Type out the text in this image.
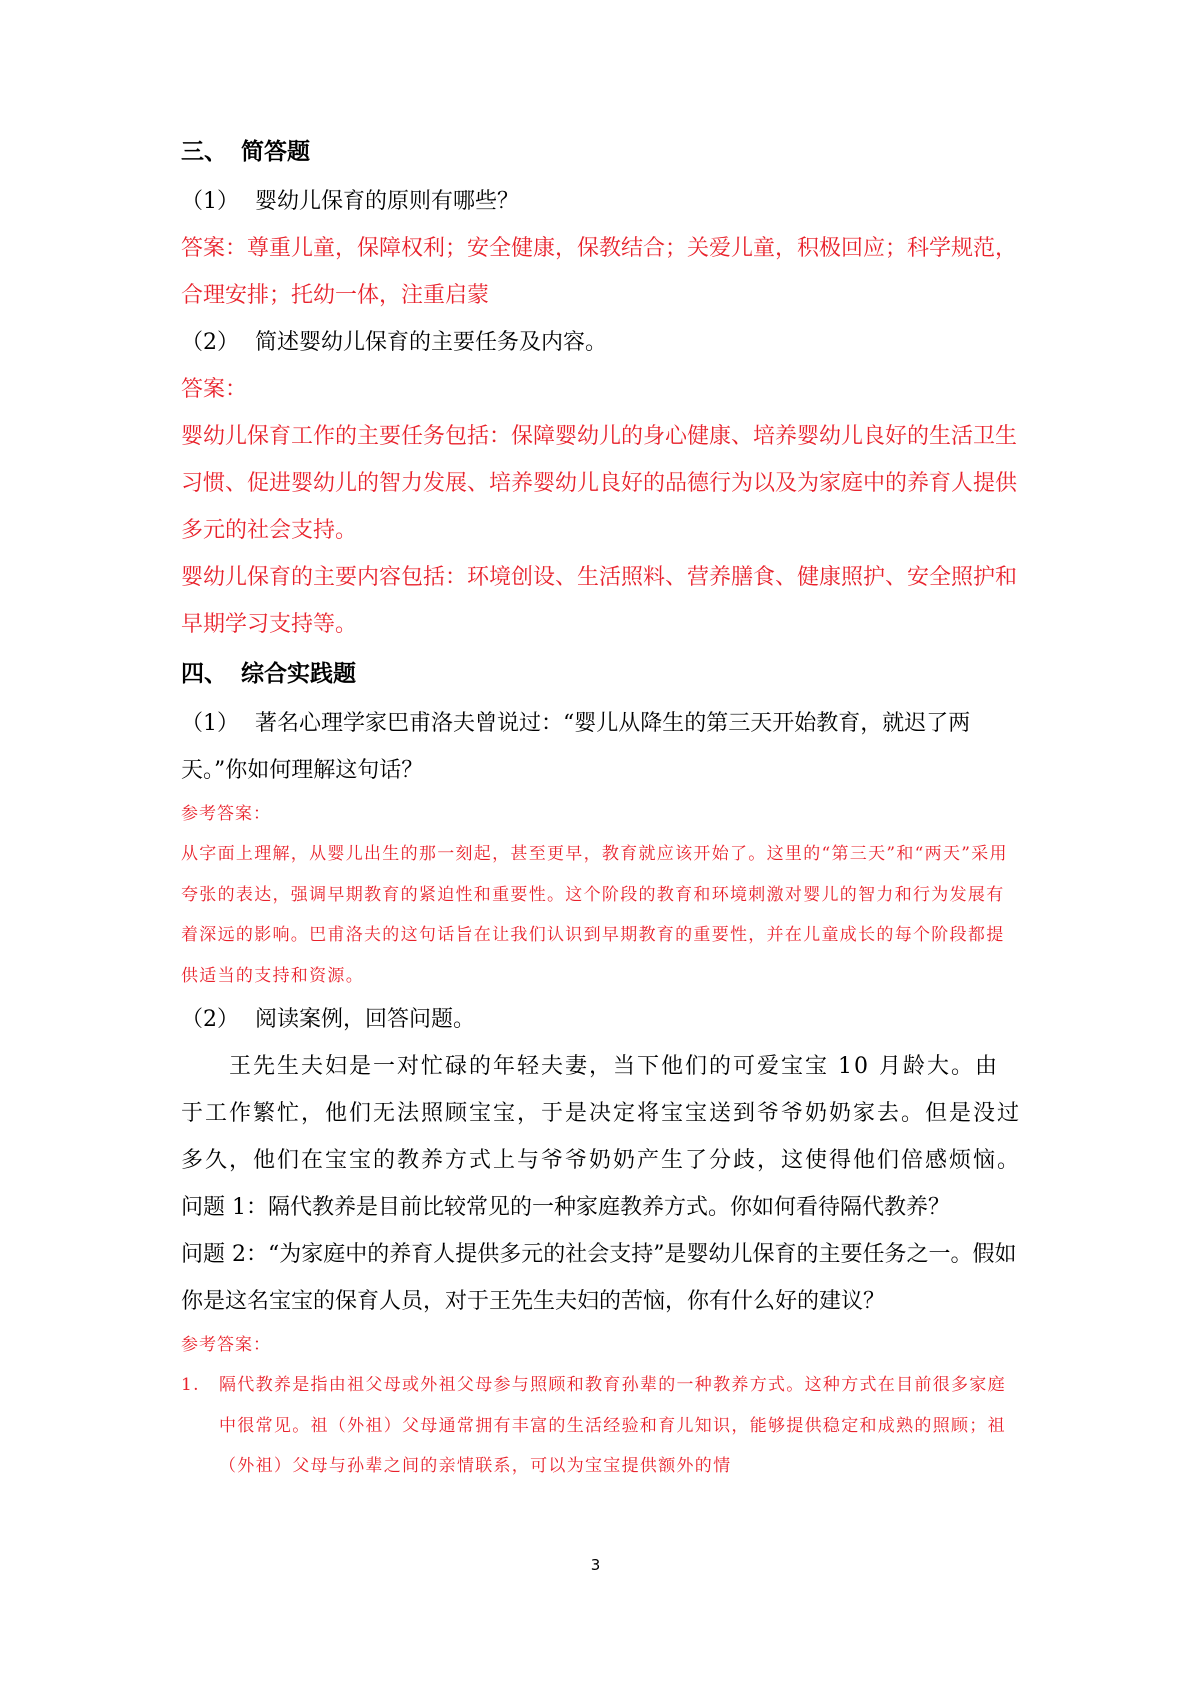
三、 简答题

（1） 婴幼儿保育的原则有哪些？

答案：尊重儿童，保障权利；安全健康，保教结合；关爱儿童，积极回应；科学规范，合理安排；托幼一体，注重启蒙

（2） 简述婴幼儿保育的主要任务及内容。

答案：

婴幼儿保育工作的主要任务包括：保障婴幼儿的身心健康、培养婴幼儿良好的生活卫生习惯、促进婴幼儿的智力发展、培养婴幼儿良好的品德行为以及为家庭中的养育人提供多元的社会支持。

婴幼儿保育的主要内容包括：环境创设、生活照料、营养膳食、健康照护、安全照护和早期学习支持等。

四、 综合实践题

（1） 著名心理学家巴甫洛夫曾说过：“婴儿从降生的第三天开始教育，就迟了两天。”你如何理解这句话？

参考答案：

从字面上理解，从婴儿出生的那一刻起，甚至更早，教育就应该开始了。这里的“第三天”和“两天”采用夸张的表达，强调早期教育的紧迫性和重要性。这个阶段的教育和环境刺激对婴儿的智力和行为发展有着深远的影响。巴甫洛夫的这句话旨在让我们认识到早期教育的重要性，并在儿童成长的每个阶段都提供适当的支持和资源。

（2） 阅读案例，回答问题。

王先生夫妇是一对忙碌的年轻夫妻，当下他们的可爱宝宝 10 月龄大。由于工作繁忙，他们无法照顾宝宝，于是决定将宝宝送到爷爷奶奶家去。但是没过多久，他们在宝宝的教养方式上与爷爷奶奶产生了分歧，这使得他们倍感烦恼。

问题 1：隔代教养是目前比较常见的一种家庭教养方式。你如何看待隔代教养？

问题 2：“为家庭中的养育人提供多元的社会支持”是婴幼儿保育的主要任务之一。假如你是这名宝宝的保育人员，对于王先生夫妇的苦恼，你有什么好的建议？

参考答案：

1.	隔代教养是指由祖父母或外祖父母参与照顾和教育孙辈的一种教养方式。这种方式在目前很多家庭中很常见。祖（外祖）父母通常拥有丰富的生活经验和育儿知识，能够提供稳定和成熟的照顾；祖（外祖）父母与孙辈之间的亲情联系，可以为宝宝提供额外的情
3
